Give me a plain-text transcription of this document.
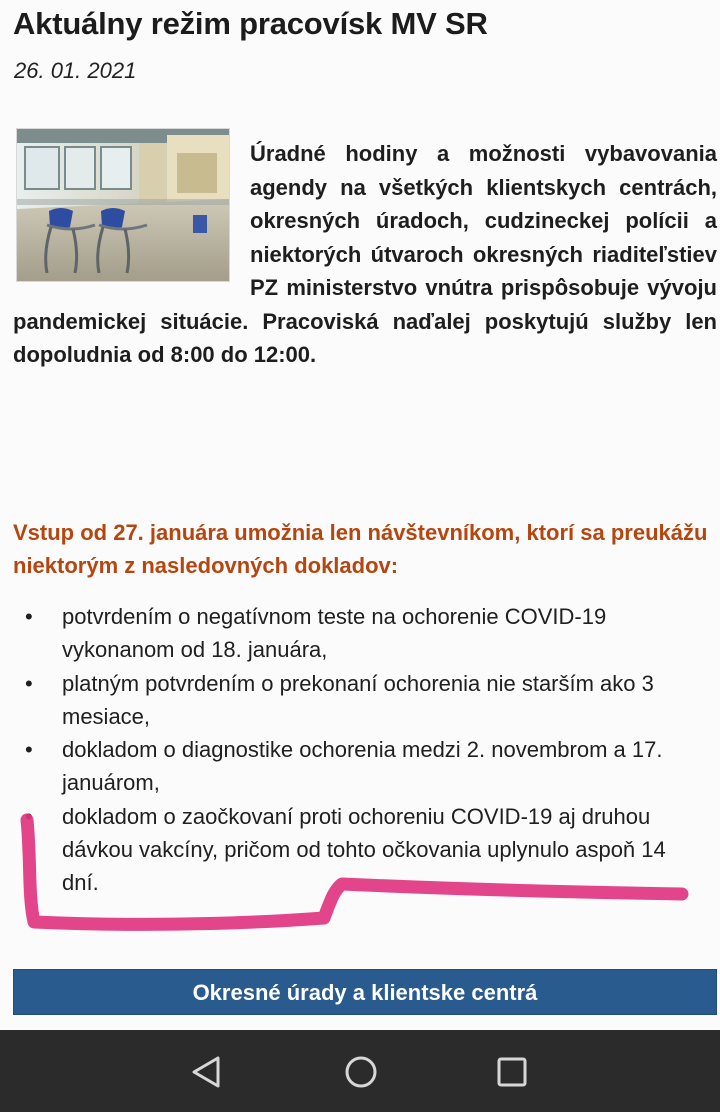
Aktuálny režim pracovísk MV SR
26. 01. 2021

Úradné hodiny a možnosti vybavovania agendy na všetkých klientskych centrách, okresných úradoch, cudzineckej polícii a niektorých útvaroch okresných riaditeľstiev PZ ministerstvo vnútra prispôsobuje vývoju pandemickej situácie. Pracoviská naďalej poskytujú služby len dopoludnia od 8:00 do 12:00.

Vstup od 27. januára umožnia len návštevníkom, ktorí sa preukážu niektorým z nasledovných dokladov:

• potvrdením o negatívnom teste na ochorenie COVID-19 vykonanom od 18. januára,
• platným potvrdením o prekonaní ochorenia nie starším ako 3 mesiace,
• dokladom o diagnostike ochorenia medzi 2. novembrom a 17. januárom,
• dokladom o zaočkovaní proti ochoreniu COVID-19 aj druhou dávkou vakcíny, pričom od tohto očkovania uplynulo aspoň 14 dní.
Okresné úrady a klientske centrá
